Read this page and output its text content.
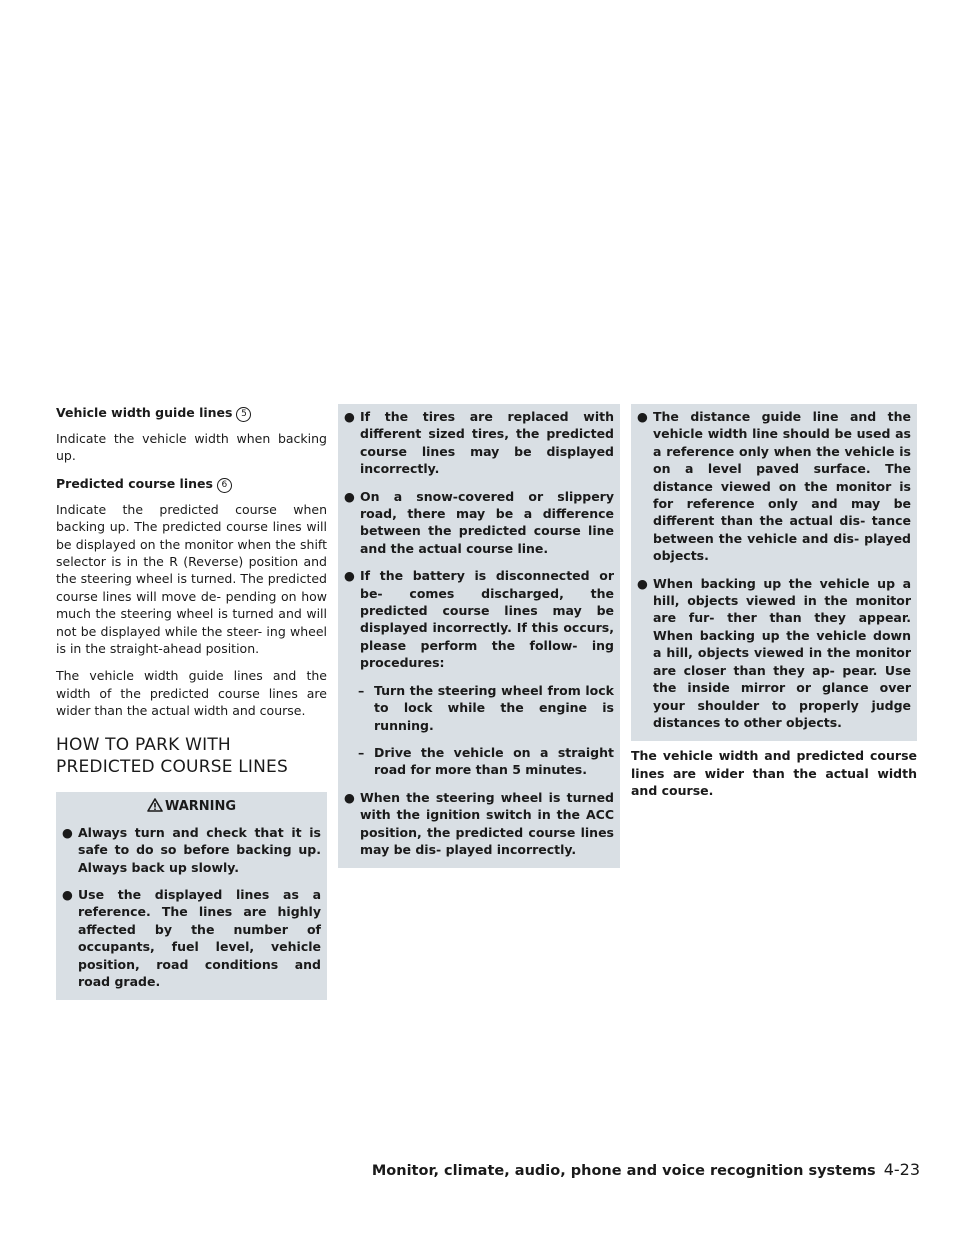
Vehicle width guide lines 5

Indicate the vehicle width when backing up.

Predicted course lines 6

Indicate the predicted course when backing up. The predicted course lines will be displayed on the monitor when the shift selector is in the R (Reverse) position and the steering wheel is turned. The predicted course lines will move de- pending on how much the steering wheel is turned and will not be displayed while the steer- ing wheel is in the straight-ahead position.

The vehicle width guide lines and the width of the predicted course lines are wider than the actual width and course.

HOW TO PARK WITH PREDICTED COURSE LINES
WARNING
● Always turn and check that it is safe to do so before backing up. Always back up slowly.
● Use the displayed lines as a reference. The lines are highly affected by the number of occupants, fuel level, vehicle position, road conditions and road grade.
● If the tires are replaced with different sized tires, the predicted course lines may be displayed incorrectly.
● On a snow-covered or slippery road, there may be a difference between the predicted course line and the actual course line.
● If the battery is disconnected or be- comes discharged, the predicted course lines may be displayed incorrectly. If this occurs, please perform the follow- ing procedures:
– Turn the steering wheel from lock to lock while the engine is running.
– Drive the vehicle on a straight road for more than 5 minutes.
● When the steering wheel is turned with the ignition switch in the ACC position, the predicted course lines may be dis- played incorrectly.
● The distance guide line and the vehicle width line should be used as a reference only when the vehicle is on a level paved surface. The distance viewed on the monitor is for reference only and may be different than the actual dis- tance between the vehicle and dis- played objects.
● When backing up the vehicle up a hill, objects viewed in the monitor are fur- ther than they appear. When backing up the vehicle down a hill, objects viewed in the monitor are closer than they ap- pear. Use the inside mirror or glance over your shoulder to properly judge distances to other objects.

The vehicle width and predicted course lines are wider than the actual width and course.

Monitor, climate, audio, phone and voice recognition systems 4-23
